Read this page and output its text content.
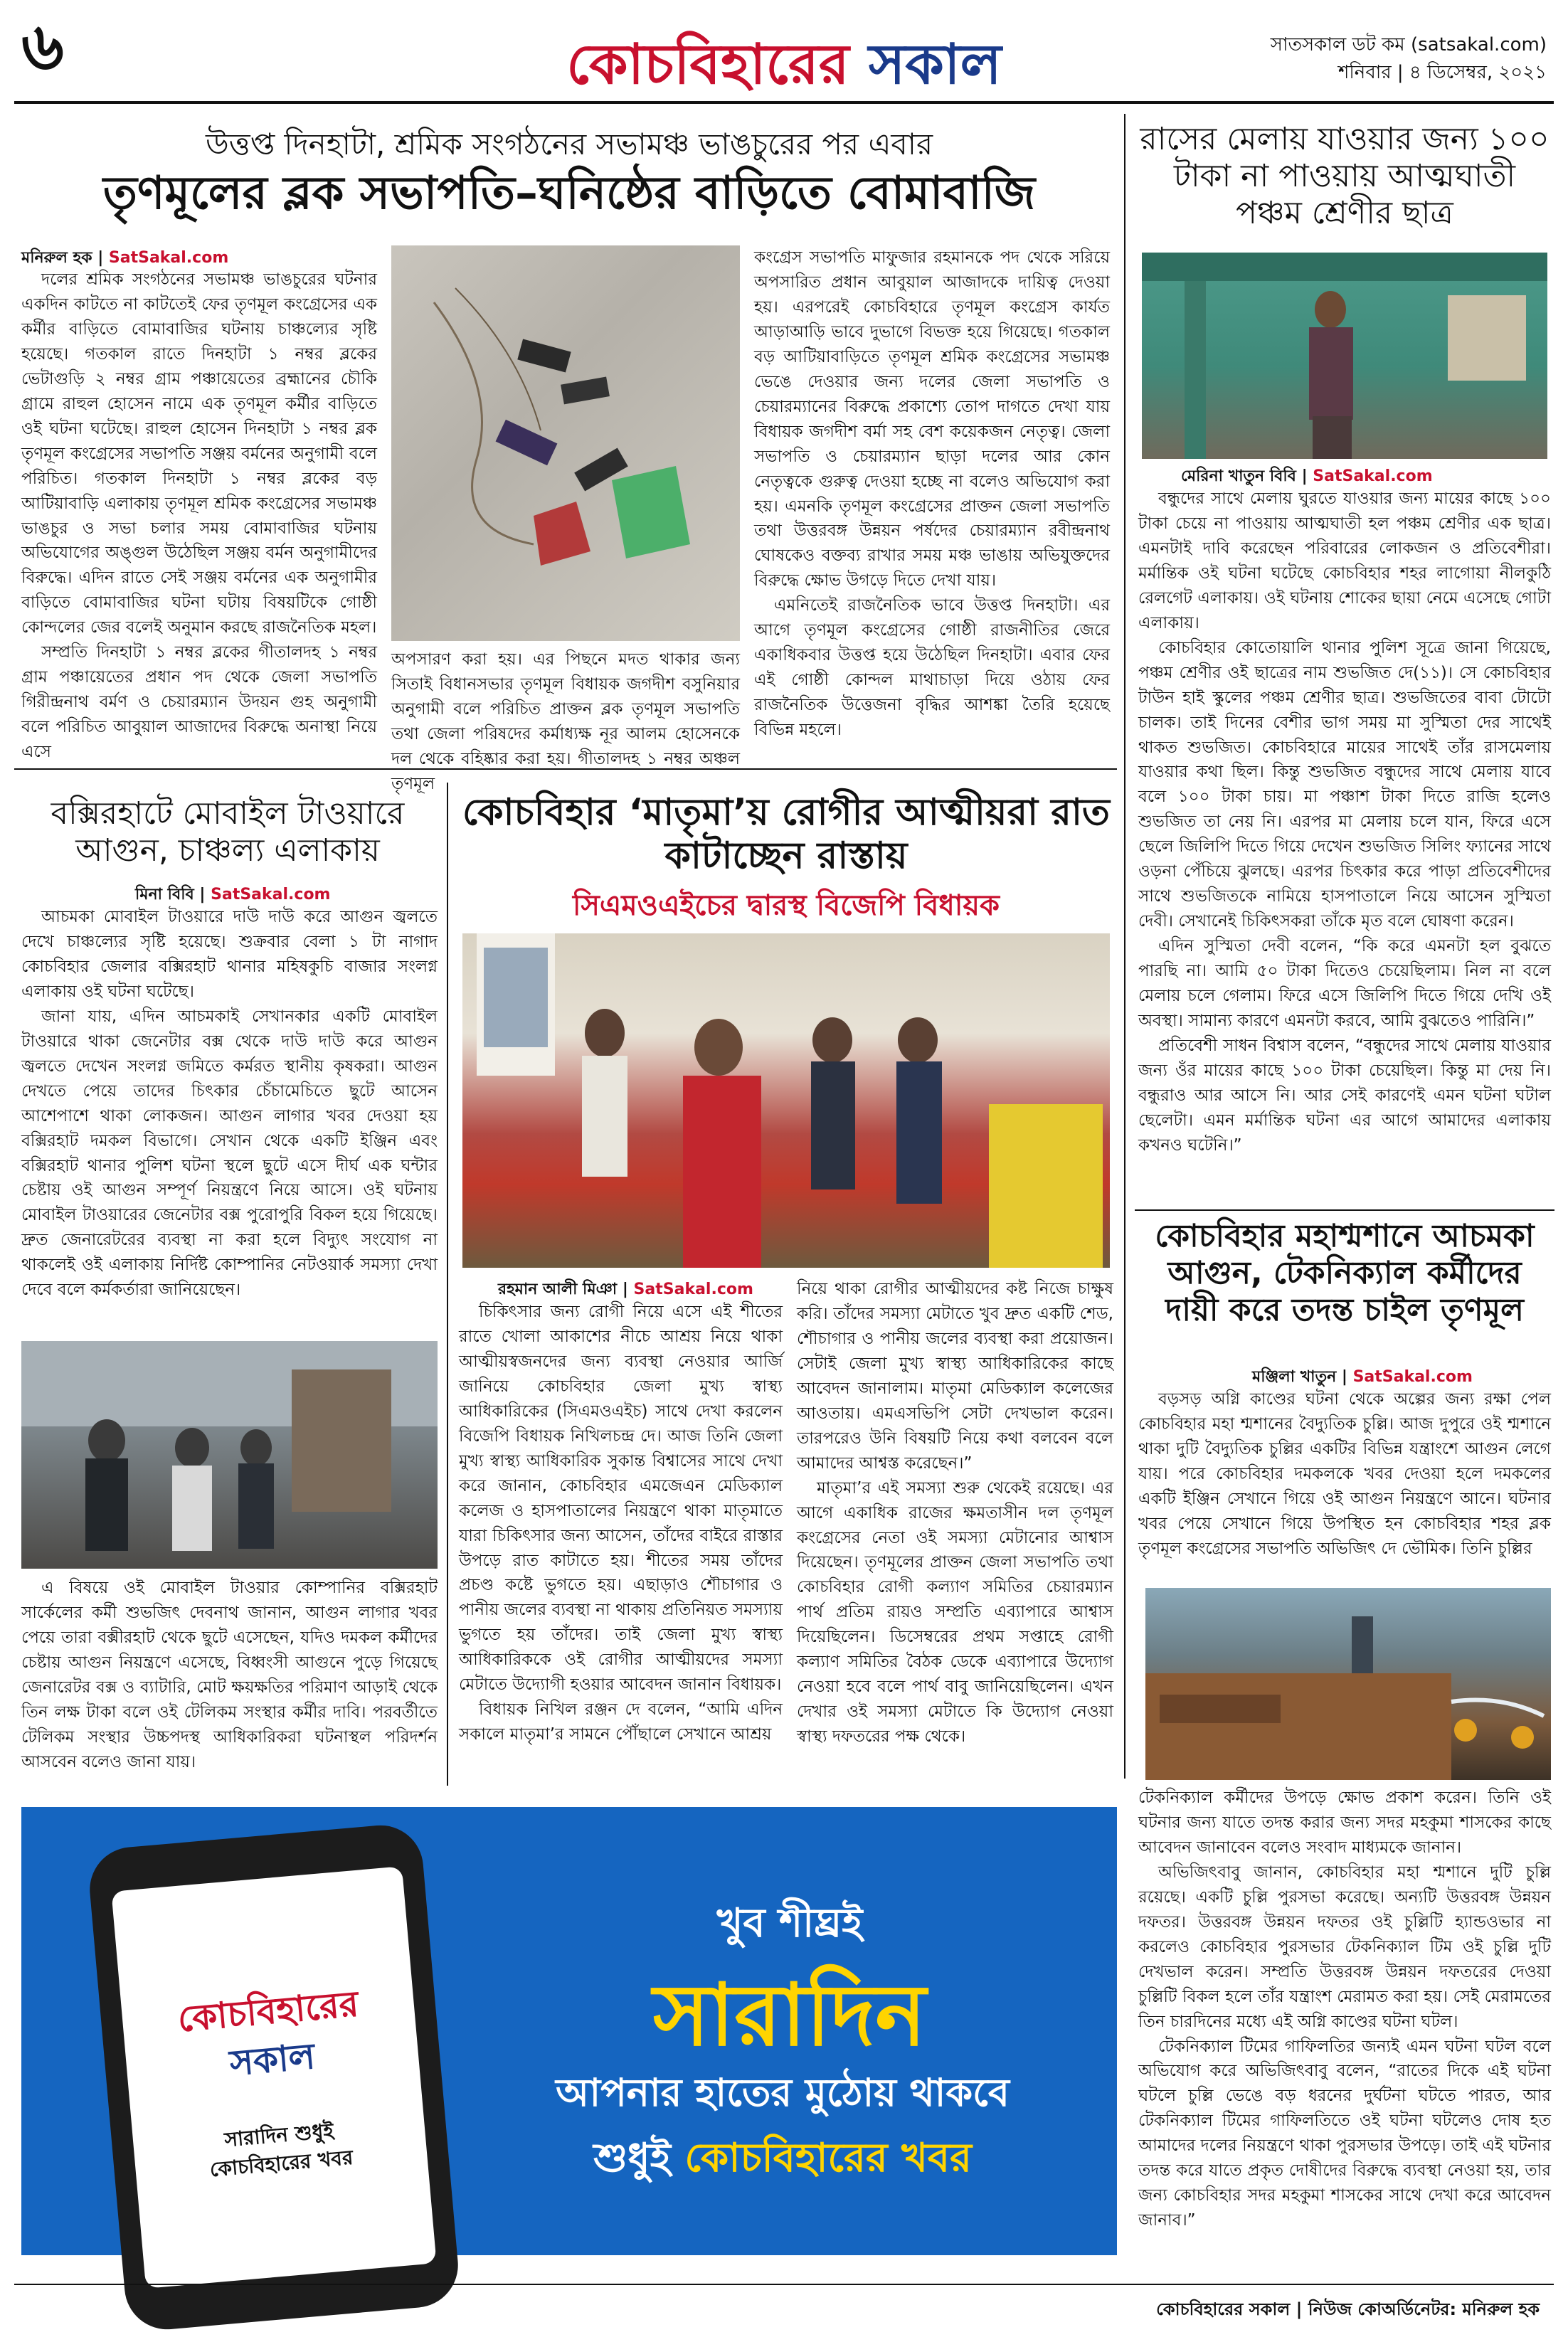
৬	কোচবিহারের সকাল	সাতসকাল ডট কম (satsakal.com)
শনিবার | ৪ ডিসেম্বর, ২০২১
উত্তপ্ত দিনহাটা, শ্রমিক সংগঠনের সভামঞ্চ ভাঙচুরের পর এবার
তৃণমূলের ব্লক সভাপতি–ঘনিষ্ঠের বাড়িতে বোমাবাজি
মনিরুল হক | SatSakal.com

দলের শ্রমিক সংগঠনের সভামঞ্চ ভাঙচুরের ঘটনার একদিন কাটতে না কাটতেই ফের তৃণমূল কংগ্রেসের এক কর্মীর বাড়িতে বোমাবাজির ঘটনায় চাঞ্চল্যের সৃষ্টি হয়েছে। গতকাল রাতে দিনহাটা ১ নম্বর ব্লকের ভেটাগুড়ি ২ নম্বর গ্রাম পঞ্চায়েতের ব্রহ্মানের চৌকি গ্রামে রাহুল হোসেন নামে এক তৃণমূল কর্মীর বাড়িতে ওই ঘটনা ঘটেছে। রাহুল হোসেন দিনহাটা ১ নম্বর ব্লক তৃণমূল কংগ্রেসের সভাপতি সঞ্জয় বর্মনের অনুগামী বলে পরিচিত। গতকাল দিনহাটা ১ নম্বর ব্লকের বড় আটিয়াবাড়ি এলাকায় তৃণমূল শ্রমিক কংগ্রেসের সভামঞ্চ ভাঙচুর ও সভা চলার সময় বোমাবাজির ঘটনায় অভিযোগের অঙ্গুল উঠেছিল সঞ্জয় বর্মন অনুগামীদের বিরুদ্ধে। এদিন রাতে সেই সঞ্জয় বর্মনের এক অনুগামীর বাড়িতে বোমাবাজির ঘটনা ঘটায় বিষয়টিকে গোষ্ঠী কোন্দলের জের বলেই অনুমান করছে রাজনৈতিক মহল।

সম্প্রতি দিনহাটা ১ নম্বর ব্লকের গীতালদহ ১ নম্বর গ্রাম পঞ্চায়েতের প্রধান পদ থেকে জেলা সভাপতি গিরীন্দ্রনাথ বর্মণ ও চেয়ারম্যান উদয়ন গুহ অনুগামী বলে পরিচিত আবুয়াল আজাদের বিরুদ্ধে অনাস্থা নিয়ে এসে

অপসারণ করা হয়। এর পিছনে মদত থাকার জন্য সিতাই বিধানসভার তৃণমূল বিধায়ক জগদীশ বসুনিয়ার অনুগামী বলে পরিচিত প্রাক্তন ব্লক তৃণমূল সভাপতি তথা জেলা পরিষদের কর্মাধ্যক্ষ নূর আলম হোসেনকে দল থেকে বহিষ্কার করা হয়। গীতালদহ ১ নম্বর অঞ্চল তৃণমূল

কংগ্রেস সভাপতি মাফুজার রহমানকে পদ থেকে সরিয়ে অপসারিত প্রধান আবুয়াল আজাদকে দায়িত্ব দেওয়া হয়। এরপরেই কোচবিহারে তৃণমূল কংগ্রেস কার্যত আড়াআড়ি ভাবে দুভাগে বিভক্ত হয়ে গিয়েছে। গতকাল বড় আটিয়াবাড়িতে তৃণমূল শ্রমিক কংগ্রেসের সভামঞ্চ ভেঙে দেওয়ার জন্য দলের জেলা সভাপতি ও চেয়ারম্যানের বিরুদ্ধে প্রকাশ্যে তোপ দাগতে দেখা যায় বিধায়ক জগদীশ বর্মা সহ বেশ কয়েকজন নেতৃত্ব। জেলা সভাপতি ও চেয়ারম্যান ছাড়া দলের আর কোন নেতৃত্বকে গুরুত্ব দেওয়া হচ্ছে না বলেও অভিযোগ করা হয়। এমনকি তৃণমূল কংগ্রেসের প্রাক্তন জেলা সভাপতি তথা উত্তরবঙ্গ উন্নয়ন পর্ষদের চেয়ারম্যান রবীন্দ্রনাথ ঘোষকেও বক্তব্য রাখার সময় মঞ্চ ভাঙায় অভিযুক্তদের বিরুদ্ধে ক্ষোভ উগড়ে দিতে দেখা যায়।

এমনিতেই রাজনৈতিক ভাবে উত্তপ্ত দিনহাটা। এর আগে তৃণমূল কংগ্রেসের গোষ্ঠী রাজনীতির জেরে একাধিকবার উত্তপ্ত হয়ে উঠেছিল দিনহাটা। এবার ফের এই গোষ্ঠী কোন্দল মাথাচাড়া দিয়ে ওঠায় ফের রাজনৈতিক উত্তেজনা বৃদ্ধির আশঙ্কা তৈরি হয়েছে বিভিন্ন মহলে।

রাসের মেলায় যাওয়ার জন্য ১০০ টাকা না পাওয়ায় আত্মঘাতী পঞ্চম শ্রেণীর ছাত্র
মেরিনা খাতুন বিবি | SatSakal.com

বন্ধুদের সাথে মেলায় ঘুরতে যাওয়ার জন্য মায়ের কাছে ১০০ টাকা চেয়ে না পাওয়ায় আত্মঘাতী হল পঞ্চম শ্রেণীর এক ছাত্র। এমনটাই দাবি করেছেন পরিবারের লোকজন ও প্রতিবেশীরা। মর্মান্তিক ওই ঘটনা ঘটেছে কোচবিহার শহর লাগোয়া নীলকুঠি রেলগেট এলাকায়। ওই ঘটনায় শোকের ছায়া নেমে এসেছে গোটা এলাকায়।

কোচবিহার কোতোয়ালি থানার পুলিশ সূত্রে জানা গিয়েছে, পঞ্চম শ্রেণীর ওই ছাত্রের নাম শুভজিত দে(১১)। সে কোচবিহার টাউন হাই স্কুলের পঞ্চম শ্রেণীর ছাত্র। শুভজিতের বাবা টোটো চালক। তাই দিনের বেশীর ভাগ সময় মা সুস্মিতা দের সাথেই থাকত শুভজিত। কোচবিহারে মায়ের সাথেই তাঁর রাসমেলায় যাওয়ার কথা ছিল। কিন্তু শুভজিত বন্ধুদের সাথে মেলায় যাবে বলে ১০০ টাকা চায়। মা পঞ্চাশ টাকা দিতে রাজি হলেও শুভজিত তা নেয় নি। এরপর মা মেলায় চলে যান, ফিরে এসে ছেলে জিলিপি দিতে গিয়ে দেখেন শুভজিত সিলিং ফ্যানের সাথে ওড়না পেঁচিয়ে ঝুলছে। এরপর চিৎকার করে পাড়া প্রতিবেশীদের সাথে শুভজিতকে নামিয়ে হাসপাতালে নিয়ে আসেন সুস্মিতা দেবী। সেখানেই চিকিৎসকরা তাঁকে মৃত বলে ঘোষণা করেন।

এদিন সুস্মিতা দেবী বলেন, “কি করে এমনটা হল বুঝতে পারছি না। আমি ৫০ টাকা দিতেও চেয়েছিলাম। নিল না বলে মেলায় চলে গেলাম। ফিরে এসে জিলিপি দিতে গিয়ে দেখি ওই অবস্থা। সামান্য কারণে এমনটা করবে, আমি বুঝতেও পারিনি।”

প্রতিবেশী সাধন বিশ্বাস বলেন, “বন্ধুদের সাথে মেলায় যাওয়ার জন্য ওঁর মায়ের কাছে ১০০ টাকা চেয়েছিল। কিন্তু মা দেয় নি। বন্ধুরাও আর আসে নি। আর সেই কারণেই এমন ঘটনা ঘটাল ছেলেটা। এমন মর্মান্তিক ঘটনা এর আগে আমাদের এলাকায় কখনও ঘটেনি।”

কোচবিহার মহাশ্মশানে আচমকা আগুন, টেকনিক্যাল কর্মীদের দায়ী করে তদন্ত চাইল তৃণমূল
মঞ্জিলা খাতুন | SatSakal.com

বড়সড় অগ্নি কাণ্ডের ঘটনা থেকে অল্পের জন্য রক্ষা পেল কোচবিহার মহা শ্মশানের বৈদ্যুতিক চুল্লি। আজ দুপুরে ওই শ্মশানে থাকা দুটি বৈদ্যুতিক চুল্লির একটির বিভিন্ন যন্ত্রাংশে আগুন লেগে যায়। পরে কোচবিহার দমকলকে খবর দেওয়া হলে দমকলের একটি ইঞ্জিন সেখানে গিয়ে ওই আগুন নিয়ন্ত্রণে আনে। ঘটনার খবর পেয়ে সেখানে গিয়ে উপস্থিত হন কোচবিহার শহর ব্লক তৃণমূল কংগ্রেসের সভাপতি অভিজিৎ দে ভৌমিক। তিনি চুল্লির

টেকনিক্যাল কর্মীদের উপড়ে ক্ষোভ প্রকাশ করেন। তিনি ওই ঘটনার জন্য যাতে তদন্ত করার জন্য সদর মহকুমা শাসকের কাছে আবেদন জানাবেন বলেও সংবাদ মাধ্যমকে জানান।

অভিজিৎবাবু জানান, কোচবিহার মহা শ্মশানে দুটি চুল্লি রয়েছে। একটি চুল্লি পুরসভা করেছে। অন্যটি উত্তরবঙ্গ উন্নয়ন দফতর। উত্তরবঙ্গ উন্নয়ন দফতর ওই চুল্লিটি হ্যান্ডওভার না করলেও কোচবিহার পুরসভার টেকনিক্যাল টিম ওই চুল্লি দুটি দেখভাল করেন। সম্প্রতি উত্তরবঙ্গ উন্নয়ন দফতরের দেওয়া চুল্লিটি বিকল হলে তাঁর যন্ত্রাংশ মেরামত করা হয়। সেই মেরামতের তিন চারদিনের মধ্যে এই অগ্নি কাণ্ডের ঘটনা ঘটল।

টেকনিক্যাল টিমের গাফিলতির জন্যই এমন ঘটনা ঘটল বলে অভিযোগ করে অভিজিৎবাবু বলেন, “রাতের দিকে এই ঘটনা ঘটলে চুল্লি ভেঙে বড় ধরনের দুর্ঘটনা ঘটতে পারত, আর টেকনিক্যাল টিমের গাফিলতিতে ওই ঘটনা ঘটলেও দোষ হত আমাদের দলের নিয়ন্ত্রণে থাকা পুরসভার উপড়ে। তাই এই ঘটনার তদন্ত করে যাতে প্রকৃত দোষীদের বিরুদ্ধে ব্যবস্থা নেওয়া হয়, তার জন্য কোচবিহার সদর মহকুমা শাসকের সাথে দেখা করে আবেদন জানাব।”

বক্সিরহাটে মোবাইল টাওয়ারে আগুন, চাঞ্চল্য এলাকায়
মিনা বিবি | SatSakal.com

আচমকা মোবাইল টাওয়ারে দাউ দাউ করে আগুন জ্বলতে দেখে চাঞ্চল্যের সৃষ্টি হয়েছে। শুক্রবার বেলা ১ টা নাগাদ কোচবিহার জেলার বক্সিরহাট থানার মহিষকুচি বাজার সংলগ্ন এলাকায় ওই ঘটনা ঘটেছে।

জানা যায়, এদিন আচমকাই সেখানকার একটি মোবাইল টাওয়ারে থাকা জেনেটার বক্স থেকে দাউ দাউ করে আগুন জ্বলতে দেখেন সংলগ্ন জমিতে কর্মরত স্থানীয় কৃষকরা। আগুন দেখতে পেয়ে তাদের চিৎকার চেঁচামেচিতে ছুটে আসেন আশেপাশে থাকা লোকজন। আগুন লাগার খবর দেওয়া হয় বক্সিরহাট দমকল বিভাগে। সেখান থেকে একটি ইঞ্জিন এবং বক্সিরহাট থানার পুলিশ ঘটনা স্থলে ছুটে এসে দীর্ঘ এক ঘন্টার চেষ্টায় ওই আগুন সম্পূর্ণ নিয়ন্ত্রণে নিয়ে আসে। ওই ঘটনায় মোবাইল টাওয়ারের জেনেটার বক্স পুরোপুরি বিকল হয়ে গিয়েছে। দ্রুত জেনারেটরের ব্যবস্থা না করা হলে বিদ্যুৎ সংযোগ না থাকলেই ওই এলাকায় নির্দিষ্ট কোম্পানির নেটওয়ার্ক সমস্যা দেখা দেবে বলে কর্মকর্তারা জানিয়েছেন।

এ বিষয়ে ওই মোবাইল টাওয়ার কোম্পানির বক্সিরহাট সার্কেলের কর্মী শুভজিৎ দেবনাথ জানান, আগুন লাগার খবর পেয়ে তারা বক্সীরহাট থেকে ছুটে এসেছেন, যদিও দমকল কর্মীদের চেষ্টায় আগুন নিয়ন্ত্রণে এসেছে, বিধ্বংসী আগুনে পুড়ে গিয়েছে জেনারেটর বক্স ও ব্যাটারি, মোট ক্ষয়ক্ষতির পরিমাণ আড়াই থেকে তিন লক্ষ টাকা বলে ওই টেলিকম সংস্থার কর্মীর দাবি। পরবর্তীতে টেলিকম সংস্থার উচ্চপদস্থ আধিকারিকরা ঘটনাস্থল পরিদর্শন আসবেন বলেও জানা যায়।

কোচবিহার ‘মাতৃমা’য় রোগীর আত্মীয়রা রাত কাটাচ্ছেন রাস্তায়
সিএমওএইচের দ্বারস্থ বিজেপি বিধায়ক
রহমান আলী মিঞা | SatSakal.com

চিকিৎসার জন্য রোগী নিয়ে এসে এই শীতের রাতে খোলা আকাশের নীচে আশ্রয় নিয়ে থাকা আত্মীয়স্বজনদের জন্য ব্যবস্থা নেওয়ার আর্জি জানিয়ে কোচবিহার জেলা মুখ্য স্বাস্থ্য আধিকারিকের (সিএমওএইচ) সাথে দেখা করলেন বিজেপি বিধায়ক নিখিলচন্দ্র দে। আজ তিনি জেলা মুখ্য স্বাস্থ্য আধিকারিক সুকান্ত বিশ্বাসের সাথে দেখা করে জানান, কোচবিহার এমজেএন মেডিক্যাল কলেজ ও হাসপাতালের নিয়ন্ত্রণে থাকা মাতৃমাতে যারা চিকিৎসার জন্য আসেন, তাঁদের বাইরে রাস্তার উপড়ে রাত কাটাতে হয়। শীতের সময় তাঁদের প্রচণ্ড কষ্টে ভুগতে হয়। এছাড়াও শৌচাগার ও পানীয় জলের ব্যবস্থা না থাকায় প্রতিনিয়ত সমস্যায় ভুগতে হয় তাঁদের। তাই জেলা মুখ্য স্বাস্থ্য আধিকারিককে ওই রোগীর আত্মীয়দের সমস্যা মেটাতে উদ্যোগী হওয়ার আবেদন জানান বিধায়ক।

বিধায়ক নিখিল রঞ্জন দে বলেন, “আমি এদিন সকালে মাতৃমা’র সামনে পৌঁছালে সেখানে আশ্রয়

নিয়ে থাকা রোগীর আত্মীয়দের কষ্ট নিজে চাক্ষুষ করি। তাঁদের সমস্যা মেটাতে খুব দ্রুত একটি শেড, শৌচাগার ও পানীয় জলের ব্যবস্থা করা প্রয়োজন। সেটাই জেলা মুখ্য স্বাস্থ্য আধিকারিকের কাছে আবেদন জানালাম। মাতৃমা মেডিক্যাল কলেজের আওতায়। এমএসভিপি সেটা দেখভাল করেন। তারপরেও উনি বিষয়টি নিয়ে কথা বলবেন বলে আমাদের আশ্বস্ত করেছেন।”

মাতৃমা’র এই সমস্যা শুরু থেকেই রয়েছে। এর আগে একাধিক রাজের ক্ষমতাসীন দল তৃণমূল কংগ্রেসের নেতা ওই সমস্যা মেটানোর আশ্বাস দিয়েছেন। তৃণমূলের প্রাক্তন জেলা সভাপতি তথা কোচবিহার রোগী কল্যাণ সমিতির চেয়ারম্যান পার্থ প্রতিম রায়ও সম্প্রতি এব্যাপারে আশ্বাস দিয়েছিলেন। ডিসেম্বরের প্রথম সপ্তাহে রোগী কল্যাণ সমিতির বৈঠক ডেকে এব্যাপারে উদ্যোগ নেওয়া হবে বলে পার্থ বাবু জানিয়েছিলেন। এখন দেখার ওই সমস্যা মেটাতে কি উদ্যোগ নেওয়া স্বাস্থ্য দফতরের পক্ষ থেকে।

কোচবিহারের
সকাল
সারাদিন শুধুই
কোচবিহারের খবর
খুব শীঘ্রই
সারাদিন
আপনার হাতের মুঠোয় থাকবে
শুধুই কোচবিহারের খবর
কোচবিহারের সকাল | নিউজ কোঅর্ডিনেটর: মনিরুল হক
